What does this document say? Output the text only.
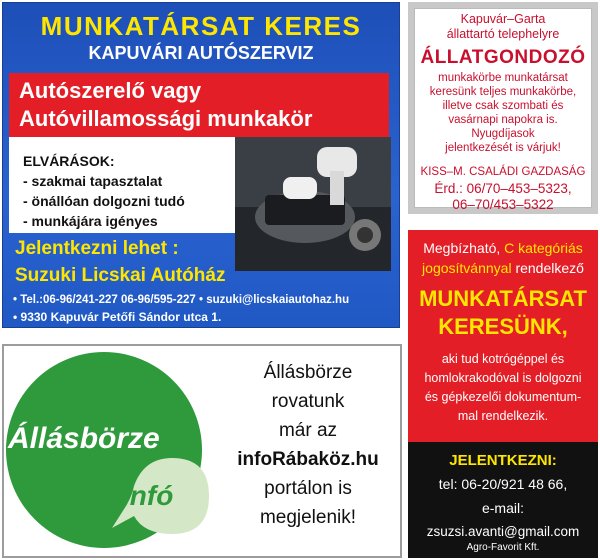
MUNKATÁRSAT KERES
KAPUVÁRI AUTÓSZERVIZ
Autószerelő vagy
Autóvillamossági munkakör
ELVÁRÁSOK:
- szakmai tapasztalat
- önállóan dolgozni tudó
- munkájára igényes
Jelentkezni lehet :
Suzuki Licskai Autóház
• Tel.:06-96/241-227 06-96/595-227 • suzuki@licskaiautohaz.hu
• 9330 Kapuvár Petőfi Sándor utca 1.
Kapuvár–Garta
állattartó telephelyre
ÁLLATGONDOZÓ
munkakörbe munkatársat
keresünk teljes munkakörbe,
illetve csak szombati és
vasárnapi napokra is.
Nyugdíjasok
jelentkezését is várjuk!
KISS–M. CSALÁDI GAZDASÁG
Érd.: 06/70–453–5323,
06–70/453–5322
Állásbörze
infó
Állásbörze
rovatunk
már az
infoRábaköz.hu
portálon is
megjelenik!
Megbízható, C kategóriás
jogosítvánnyal rendelkező
MUNKATÁRSAT
KERESÜNK,
aki tud kotrógéppel és
homlokrakodóval is dolgozni
és gépkezelői dokumentum-
mal rendelkezik.
JELENTKEZNI:
tel: 06-20/921 48 66,
e-mail:
zsuzsi.avanti@gmail.com
Agro-Favorit Kft.
